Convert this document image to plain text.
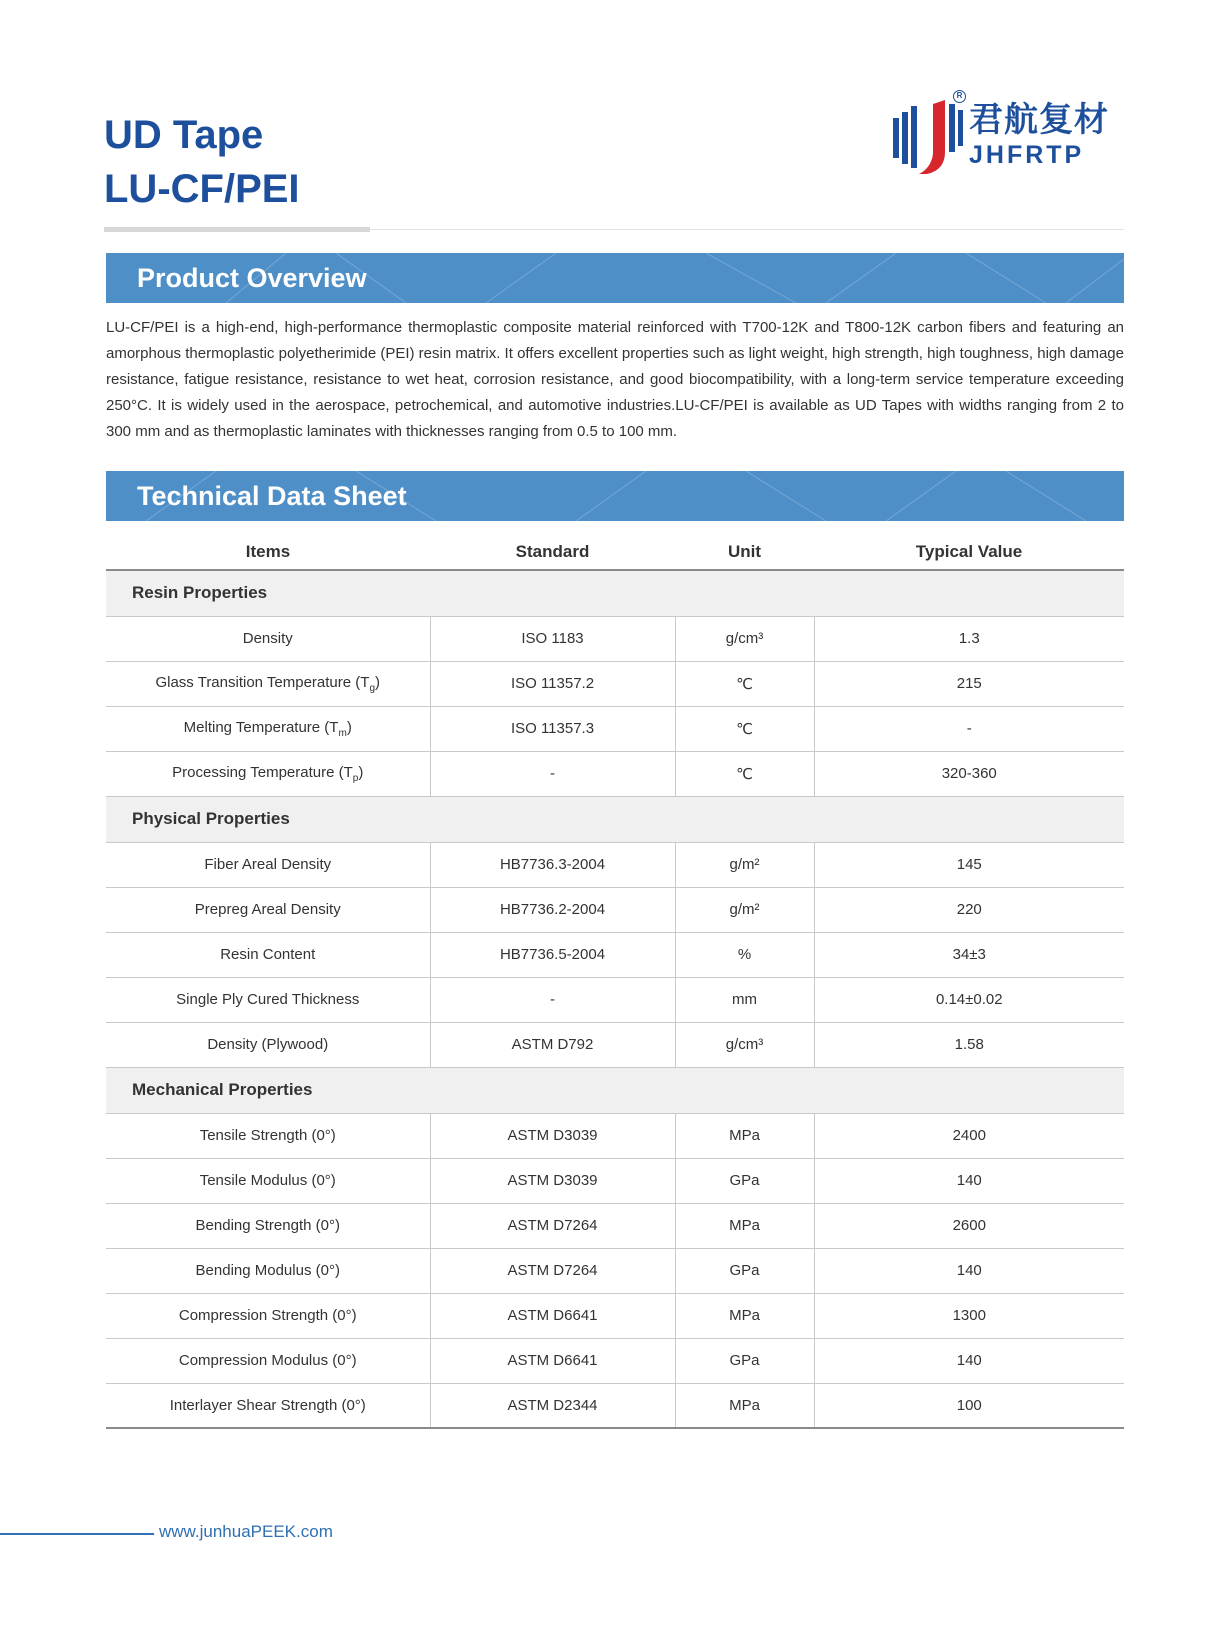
UD Tape
LU-CF/PEI
R
君航复材
JHFRTP
Product Overview

LU-CF/PEI is a high-end, high-performance thermoplastic composite material reinforced with T700-12K and T800-12K carbon fibers and featuring an amorphous thermoplastic polyetherimide (PEI) resin matrix. It offers excellent properties such as light weight, high strength, high toughness, high damage resistance, fatigue resistance, resistance to wet heat, corrosion resistance, and good biocompatibility, with a long-term service temperature exceeding 250°C. It is widely used in the aerospace, petrochemical, and automotive industries.LU-CF/PEI is available as UD Tapes with widths ranging from 2 to 300 mm and as thermoplastic laminates with thicknesses ranging from 0.5 to 100 mm.

Technical Data Sheet
Items	Standard	Unit	Typical Value
Resin Properties			
Density	ISO 1183	g/cm³	1.3
Glass Transition Temperature $(T_g)$	ISO 11357.2	℃	215
Melting Temperature $(T_m)$	ISO 11357.3	℃	-
Processing Temperature $(T_p)$	-	℃	320-360
Physical Properties			
Fiber Areal Density	HB7736.3-2004	g/m²	145
Prepreg Areal Density	HB7736.2-2004	g/m²	220
Resin Content	HB7736.5-2004	%	34±3
Single Ply Cured Thickness	-	mm	0.14±0.02
Density (Plywood)	ASTM D792	g/cm³	1.58
Mechanical Properties			
Tensile Strength (0°)	ASTM D3039	MPa	2400
Tensile Modulus (0°)	ASTM D3039	GPa	140
Bending Strength (0°)	ASTM D7264	MPa	2600
Bending Modulus (0°)	ASTM D7264	GPa	140
Compression Strength (0°)	ASTM D6641	MPa	1300
Compression Modulus (0°)	ASTM D6641	GPa	140
Interlayer Shear Strength (0°)	ASTM D2344	MPa	100
www.junhuaPEEK.com
